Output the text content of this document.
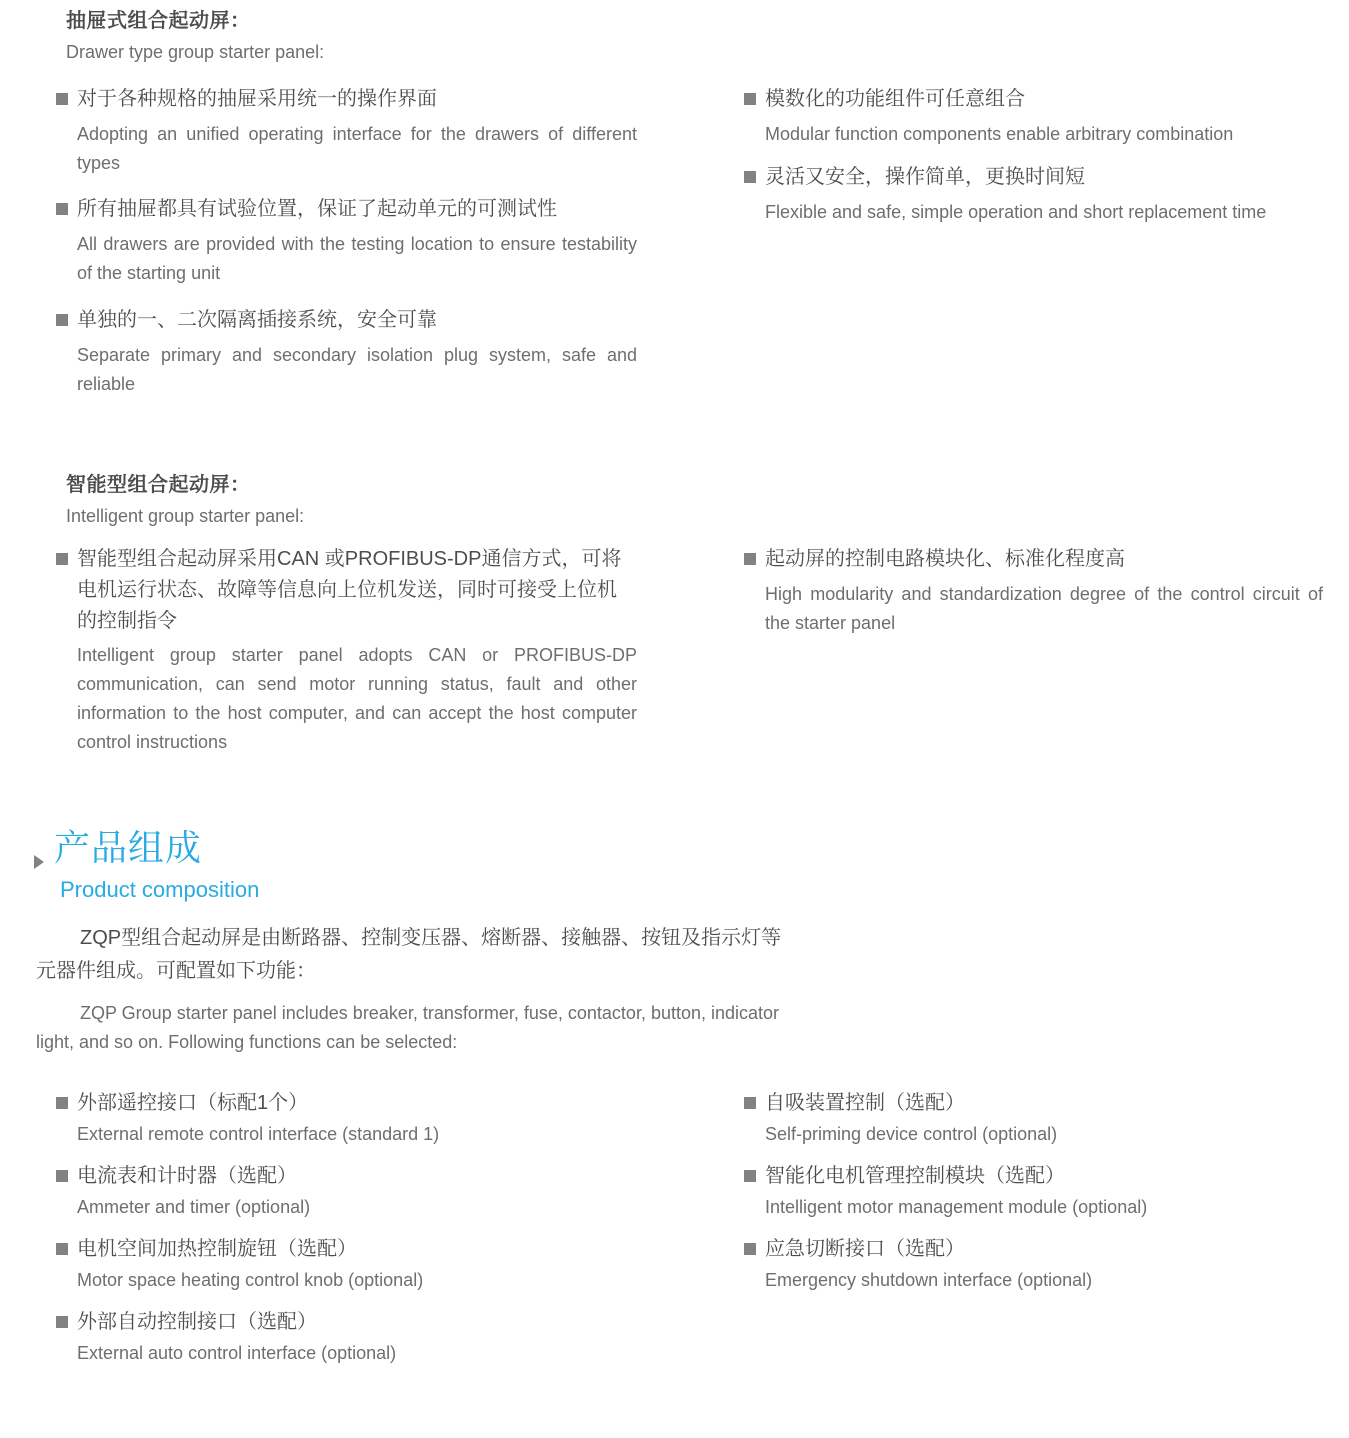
抽屉式组合起动屏：
Drawer type group starter panel:
对于各种规格的抽屉采用统一的操作界面
Adopting an unified operating interface for the drawers of different types
所有抽屉都具有试验位置，保证了起动单元的可测试性
All drawers are provided with the testing location to ensure testability of the starting unit
单独的一、二次隔离插接系统，安全可靠
Separate primary and secondary isolation plug system, safe and reliable
模数化的功能组件可任意组合
Modular function components enable arbitrary combination
灵活又安全，操作简单，更换时间短
Flexible and safe, simple operation and short replacement time
智能型组合起动屏：
Intelligent group starter panel:
智能型组合起动屏采用CAN 或PROFIBUS-DP通信方式，可将电机运行状态、故障等信息向上位机发送，同时可接受上位机的控制指令
Intelligent group starter panel adopts CAN or PROFIBUS-DP communication, can send motor running status, fault and other information to the host computer, and can accept the host computer control instructions
起动屏的控制电路模块化、标准化程度高
High modularity and standardization degree of the control circuit of the starter panel
产品组成
Product composition
ZQP型组合起动屏是由断路器、控制变压器、熔断器、接触器、按钮及指示灯等
元器件组成。可配置如下功能：
ZQP Group starter panel includes breaker, transformer, fuse, contactor, button, indicator
light, and so on. Following functions can be selected:
外部遥控接口（标配1个）
External remote control interface (standard 1)
电流表和计时器（选配）
Ammeter and timer (optional)
电机空间加热控制旋钮（选配）
Motor space heating control knob (optional)
外部自动控制接口（选配）
External auto control interface (optional)
自吸装置控制（选配）
Self-priming device control (optional)
智能化电机管理控制模块（选配）
Intelligent motor management module (optional)
应急切断接口（选配）
Emergency shutdown interface (optional)
